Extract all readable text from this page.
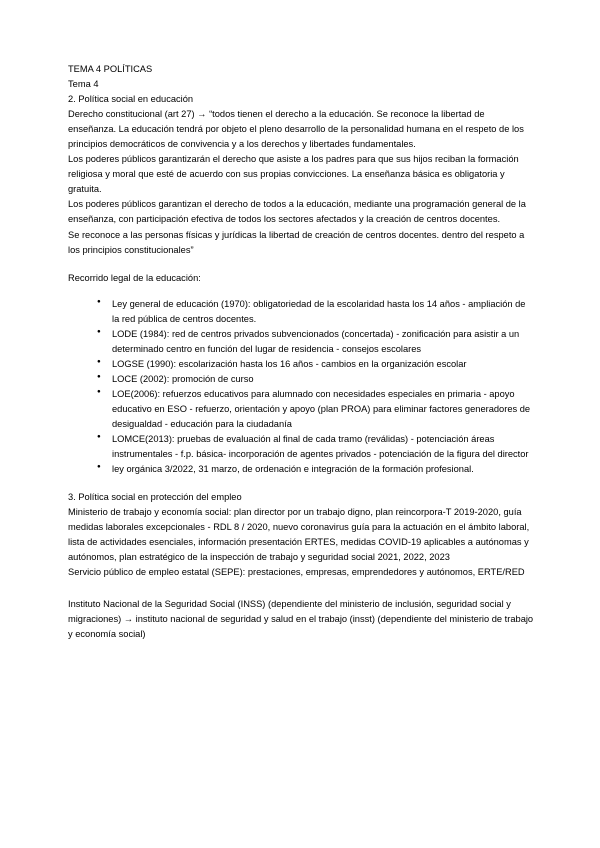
TEMA 4 POLÍTICAS

Tema 4

2. Política social en educación

Derecho constitucional (art 27) → “todos tienen el derecho a la educación. Se reconoce la libertad de enseñanza. La educación tendrá por objeto el pleno desarrollo de la personalidad humana en el respeto de los principios democráticos de convivencia y a los derechos y libertades fundamentales.

Los poderes públicos garantizarán el derecho que asiste a los padres para que sus hijos reciban la formación religiosa y moral que esté de acuerdo con sus propias convicciones. La enseñanza básica es obligatoria y gratuita.

Los poderes públicos garantizan el derecho de todos a la educación, mediante una programación general de la enseñanza, con participación efectiva de todos los sectores afectados y la creación de centros docentes.

Se reconoce a las personas físicas y jurídicas la libertad de creación de centros docentes. dentro del respeto a los principios constitucionales”

Recorrido legal de la educación:

● Ley general de educación (1970): obligatoriedad de la escolaridad hasta los 14 años - ampliación de la red pública de centros docentes.
● LODE (1984): red de centros privados subvencionados (concertada) - zonificación para asistir a un determinado centro en función del lugar de residencia - consejos escolares
● LOGSE (1990): escolarización hasta los 16 años - cambios en la organización escolar
● LOCE (2002): promoción de curso
● LOE(2006): refuerzos educativos para alumnado con necesidades especiales en primaria - apoyo educativo en ESO - refuerzo, orientación y apoyo (plan PROA) para eliminar factores generadores de desigualdad - educación para la ciudadanía
● LOMCE(2013): pruebas de evaluación al final de cada tramo (reválidas) - potenciación áreas instrumentales - f.p. básica- incorporación de agentes privados - potenciación de la figura del director
● ley orgánica 3/2022, 31 marzo, de ordenación e integración de la formación profesional.

3. Política social en protección del empleo

Ministerio de trabajo y economía social: plan director por un trabajo digno, plan reincorpora-T 2019-2020, guía medidas laborales excepcionales - RDL 8 / 2020, nuevo coronavirus guía para la actuación en el ámbito laboral, lista de actividades esenciales, información presentación ERTES, medidas COVID-19 aplicables a autónomas y autónomos, plan estratégico de la inspección de trabajo y seguridad social 2021, 2022, 2023

Servicio público de empleo estatal (SEPE): prestaciones, empresas, emprendedores y autónomos, ERTE/RED

Instituto Nacional de la Seguridad Social (INSS) (dependiente del ministerio de inclusión, seguridad social y migraciones) → instituto nacional de seguridad y salud en el trabajo (insst) (dependiente del ministerio de trabajo y economía social)
